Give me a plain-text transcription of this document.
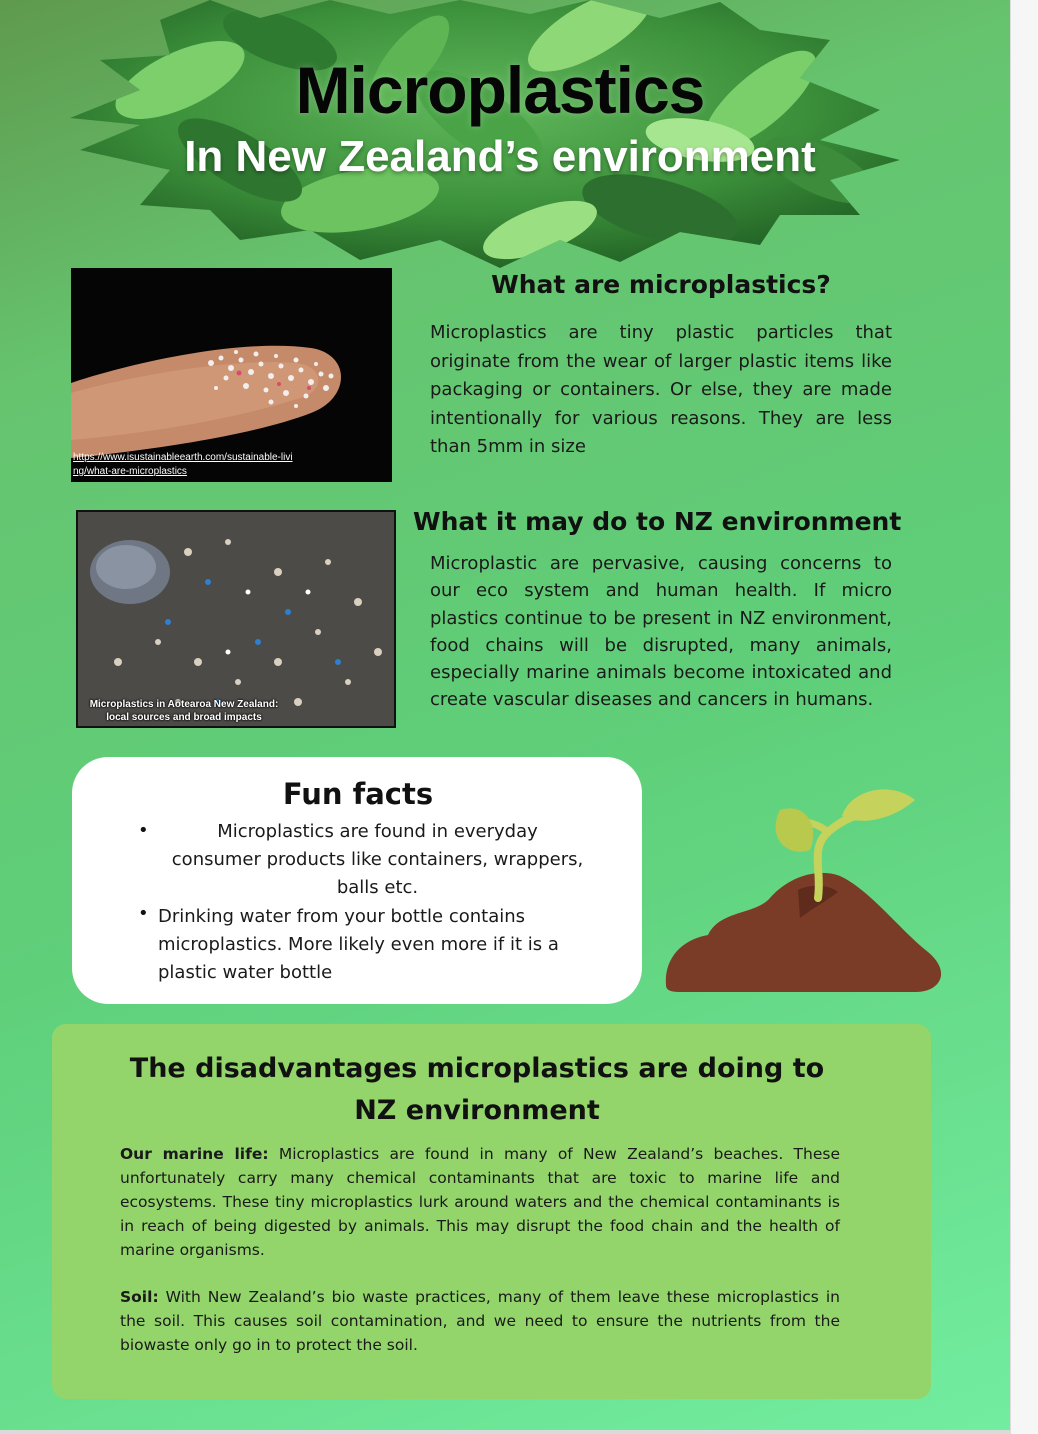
Microplastics
In New Zealand’s environment
https://www.isustainableearth.com/sustainable-living/what-are-microplastics
What are microplastics?

Microplastics are tiny plastic particles that originate from the wear of larger plastic items like packaging or containers. Or else, they are made intentionally for various reasons. They are less than 5mm in size

Microplastics in Aotearoa New Zealand: local sources and broad impacts
What it may do to NZ environment

Microplastic are pervasive, causing concerns to our eco system and human health. If micro plastics continue to be present in NZ environment, food chains will be disrupted, many animals, especially marine animals become intoxicated and create vascular diseases and cancers in humans.

Fun facts
•	Microplastics are found in everyday consumer products like containers, wrappers, balls etc.

• Drinking water from your bottle contains microplastics. More likely even more if it is a plastic water bottle

The disadvantages microplastics are doing to NZ environment

Our marine life: Microplastics are found in many of New Zealand’s beaches. These unfortunately carry many chemical contaminants that are toxic to marine life and ecosystems. These tiny microplastics lurk around waters and the chemical contaminants is in reach of being digested by animals. This may disrupt the food chain and the health of marine organisms.

Soil: With New Zealand’s bio waste practices, many of them leave these microplastics in the soil. This causes soil contamination, and we need to ensure the nutrients from the biowaste only go in to protect the soil.
